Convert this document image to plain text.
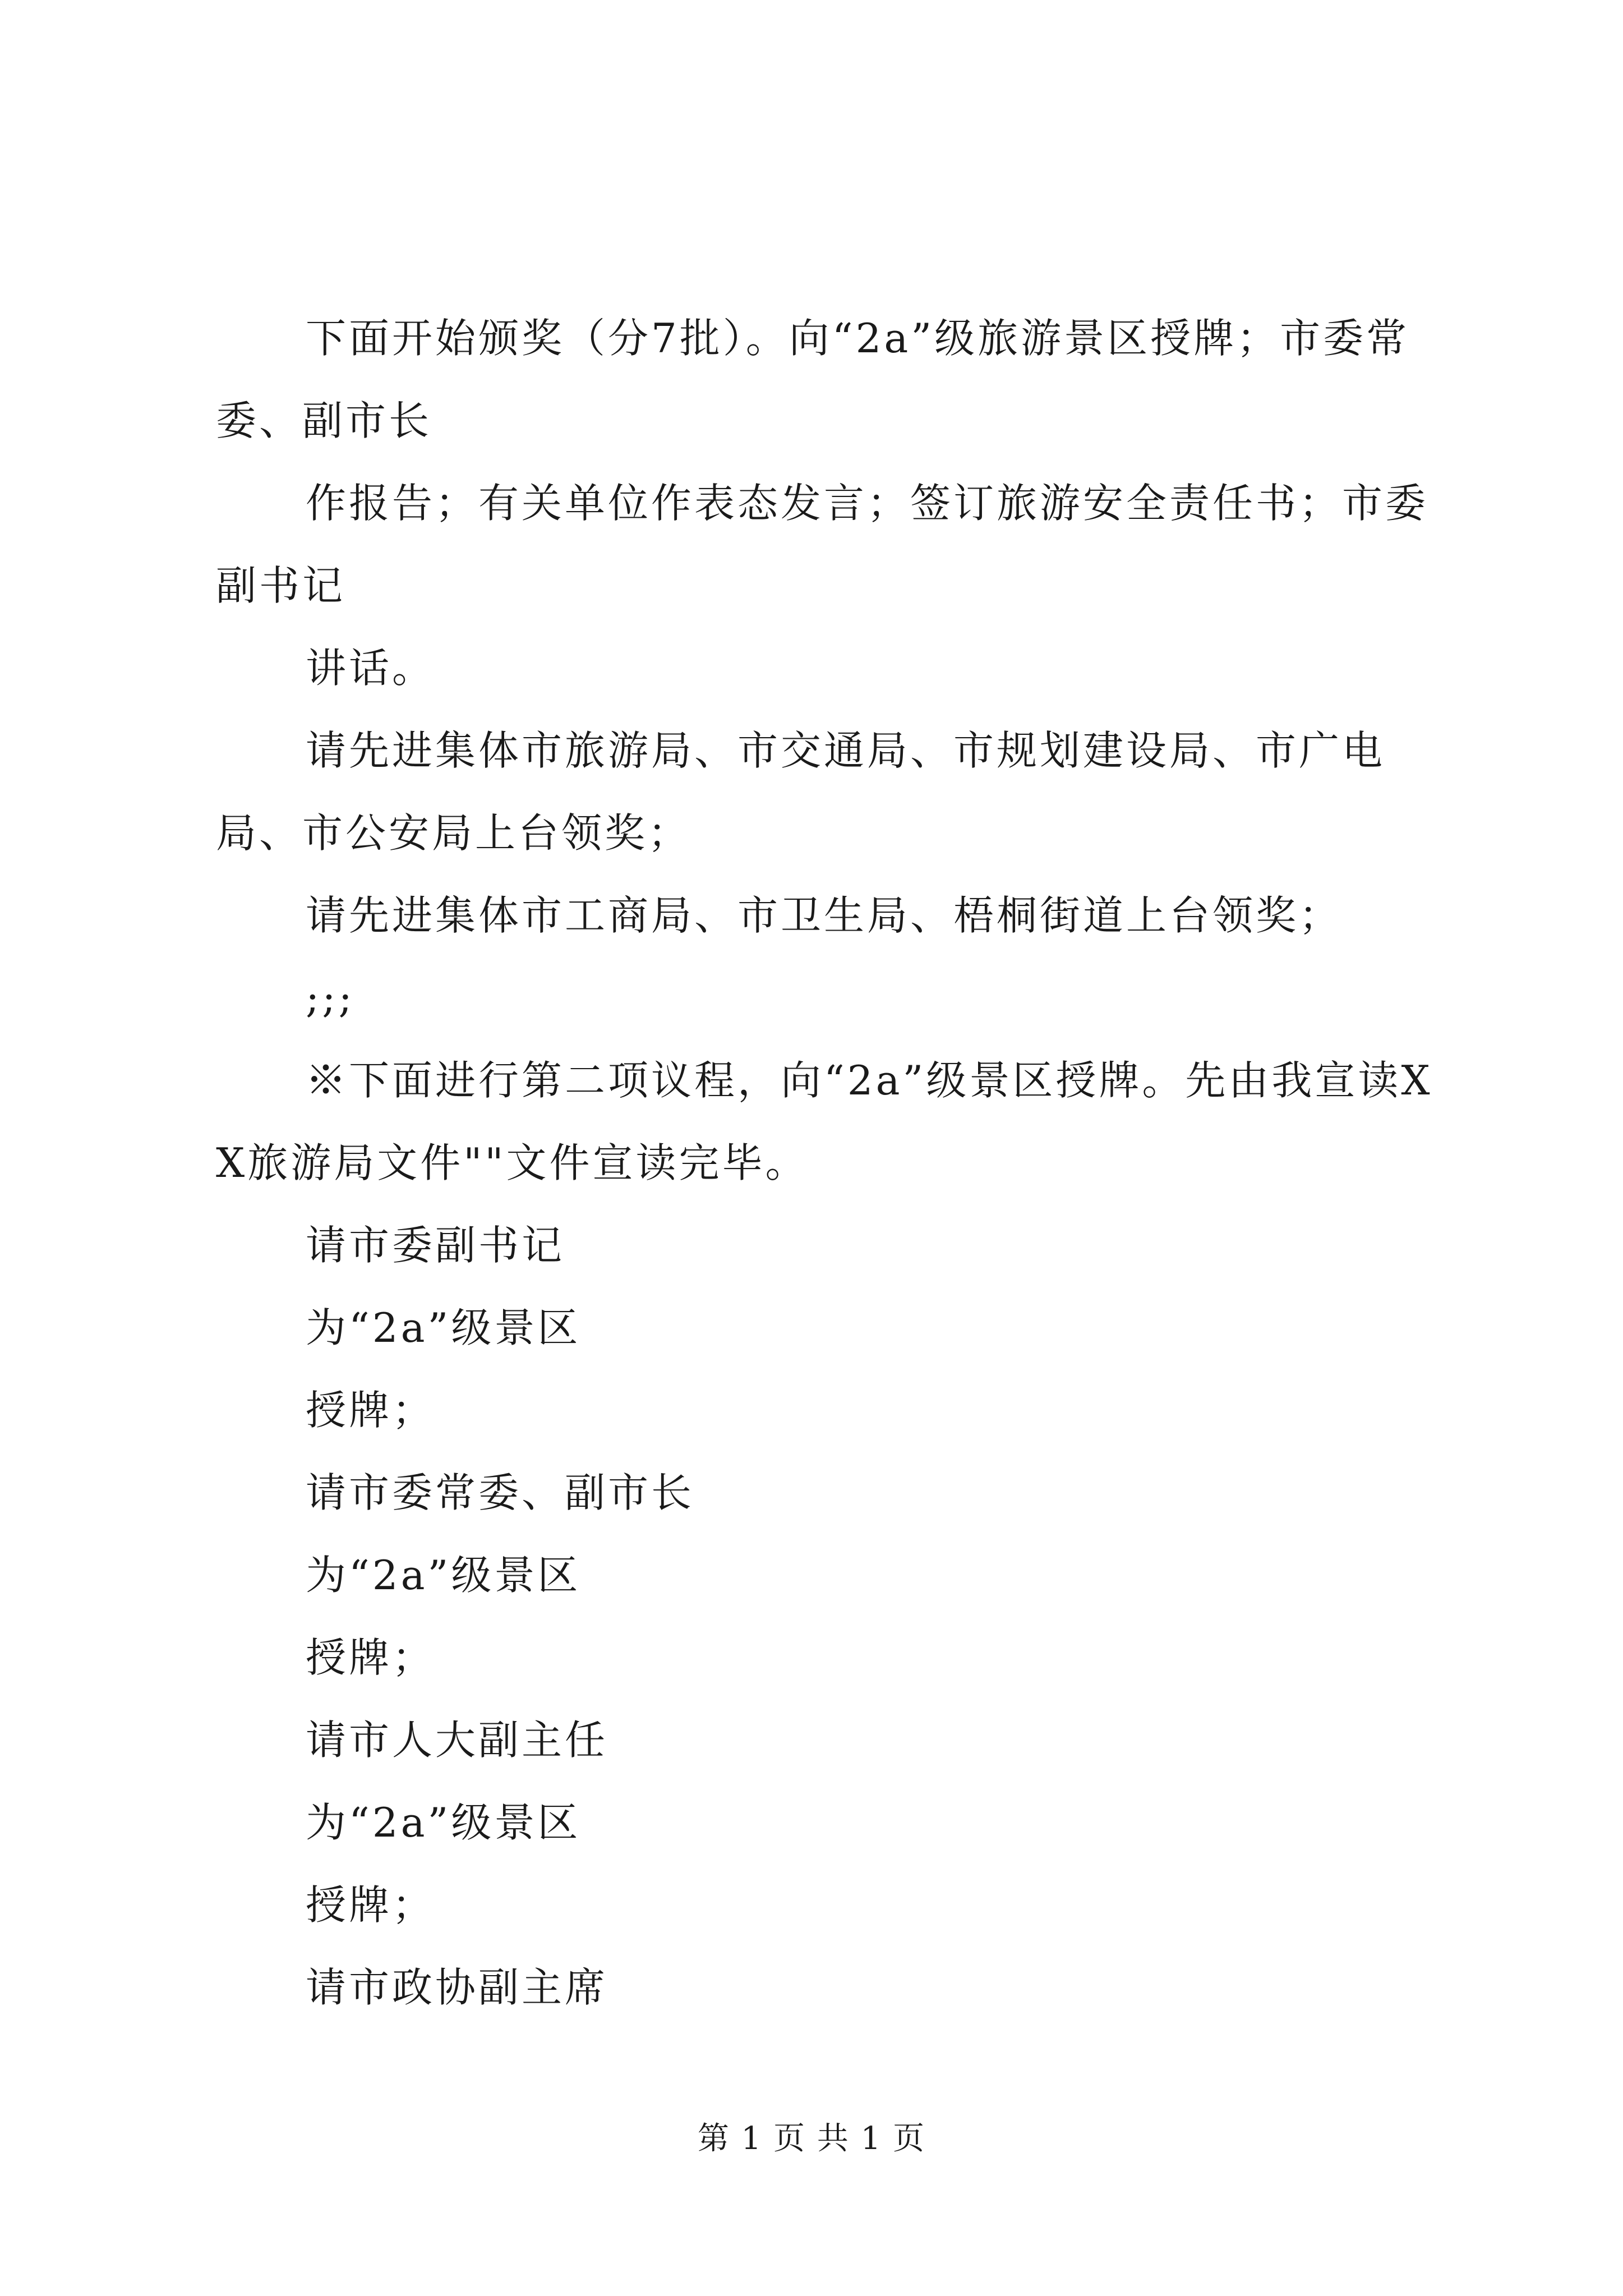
下面开始颁奖（分7批）。向“2a”级旅游景区授牌；市委常委、副市长

作报告；有关单位作表态发言；签订旅游安全责任书；市委副书记

讲话。

请先进集体市旅游局、市交通局、市规划建设局、市广电局、市公安局上台领奖；

请先进集体市工商局、市卫生局、梧桐街道上台领奖；

;;;

※下面进行第二项议程，向“2a”级景区授牌。先由我宣读XX旅游局文件""文件宣读完毕。

请市委副书记

为“2a”级景区

授牌；

请市委常委、副市长

为“2a”级景区

授牌；

请市人大副主任

为“2a”级景区

授牌；

请市政协副主席

第 1 页 共 1 页
